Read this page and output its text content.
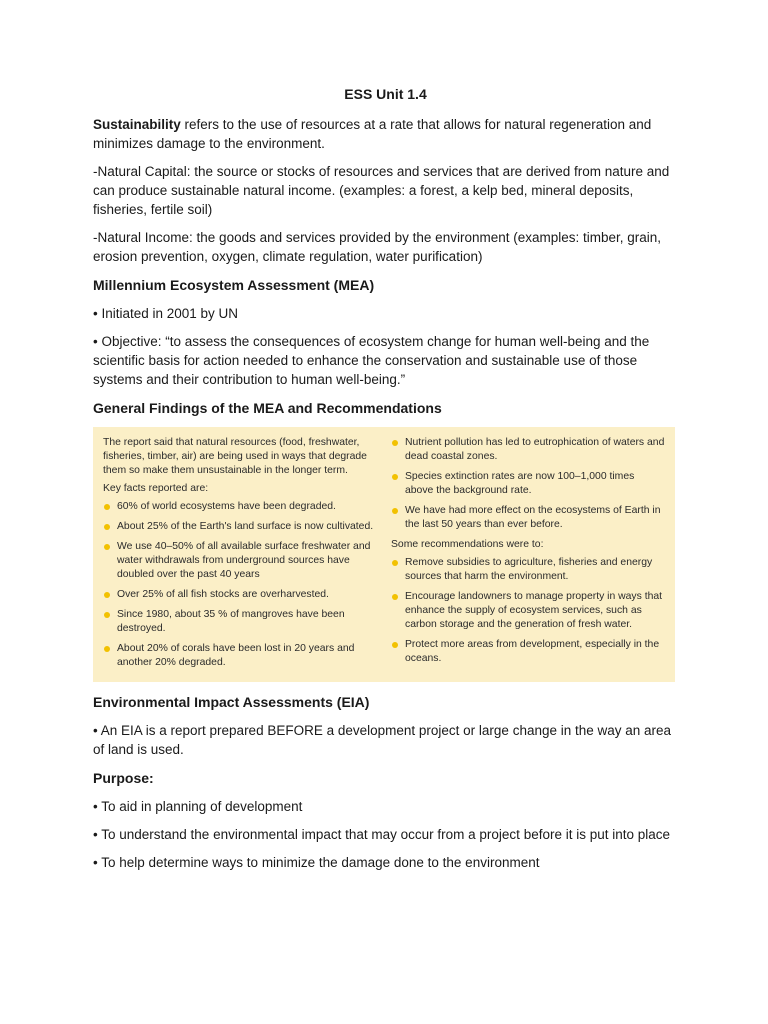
ESS Unit 1.4

Sustainability refers to the use of resources at a rate that allows for natural regeneration and minimizes damage to the environment.

-Natural Capital: the source or stocks of resources and services that are derived from nature and can produce sustainable natural income. (examples: a forest, a kelp bed, mineral deposits, fisheries, fertile soil)

-Natural Income: the goods and services provided by the environment (examples: timber, grain, erosion prevention, oxygen, climate regulation, water purification)

Millennium Ecosystem Assessment (MEA)

• Initiated in 2001 by UN

• Objective: “to assess the consequences of ecosystem change for human well-being and the scientific basis for action needed to enhance the conservation and sustainable use of those systems and their contribution to human well-being.”

General Findings of the MEA and Recommendations

The report said that natural resources (food, freshwater, fisheries, timber, air) are being used in ways that degrade them so make them unsustainable in the longer term.

Key facts reported are:

60% of world ecosystems have been degraded.
About 25% of the Earth's land surface is now cultivated.
We use 40–50% of all available surface freshwater and water withdrawals from underground sources have doubled over the past 40 years
Over 25% of all fish stocks are overharvested.
Since 1980, about 35 % of mangroves have been destroyed.
About 20% of corals have been lost in 20 years and another 20% degraded.
Nutrient pollution has led to eutrophication of waters and dead coastal zones.
Species extinction rates are now 100–1,000 times above the background rate.
We have had more effect on the ecosystems of Earth in the last 50 years than ever before.

Some recommendations were to:

Remove subsidies to agriculture, fisheries and energy sources that harm the environment.
Encourage landowners to manage property in ways that enhance the supply of ecosystem services, such as carbon storage and the generation of fresh water.
Protect more areas from development, especially in the oceans.
Environmental Impact Assessments (EIA)

• An EIA is a report prepared BEFORE a development project or large change in the way an area of land is used.

Purpose:

• To aid in planning of development

• To understand the environmental impact that may occur from a project before it is put into place

• To help determine ways to minimize the damage done to the environment
